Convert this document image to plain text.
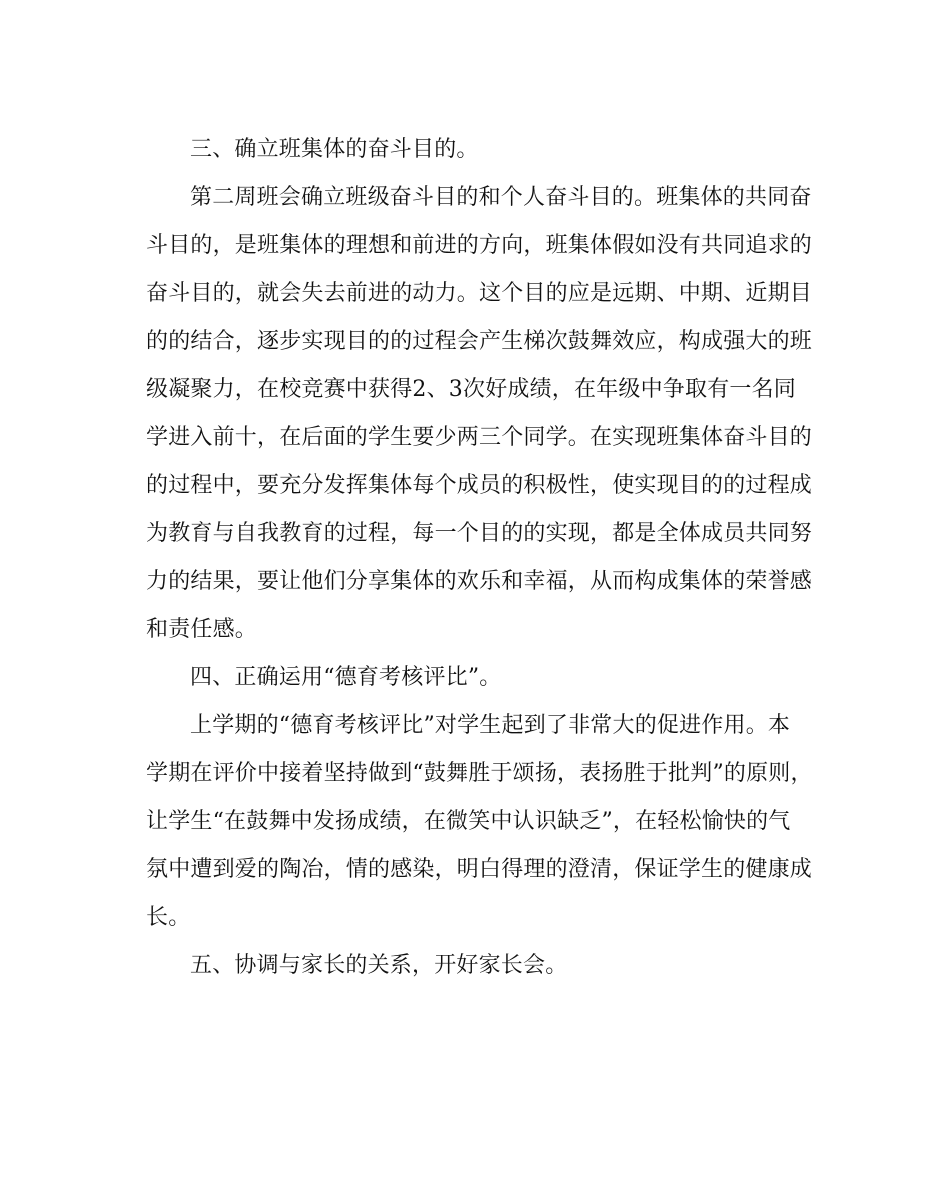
三、确立班集体的奋斗目的。
第二周班会确立班级奋斗目的和个人奋斗目的。班集体的共同奋
斗目的，是班集体的理想和前进的方向，班集体假如没有共同追求的
奋斗目的，就会失去前进的动力。这个目的应是远期、中期、近期目
的的结合，逐步实现目的的过程会产生梯次鼓舞效应，构成强大的班
级凝聚力，在校竞赛中获得2、3次好成绩，在年级中争取有一名同
学进入前十，在后面的学生要少两三个同学。在实现班集体奋斗目的
的过程中，要充分发挥集体每个成员的积极性，使实现目的的过程成
为教育与自我教育的过程，每一个目的的实现，都是全体成员共同努
力的结果，要让他们分享集体的欢乐和幸福，从而构成集体的荣誉感
和责任感。
四、正确运用“德育考核评比”。
上学期的“德育考核评比”对学生起到了非常大的促进作用。本
学期在评价中接着坚持做到“鼓舞胜于颂扬，表扬胜于批判”的原则，
让学生“在鼓舞中发扬成绩，在微笑中认识缺乏”，在轻松愉快的气
氛中遭到爱的陶冶，情的感染，明白得理的澄清，保证学生的健康成
长。
五、协调与家长的关系，开好家长会。
